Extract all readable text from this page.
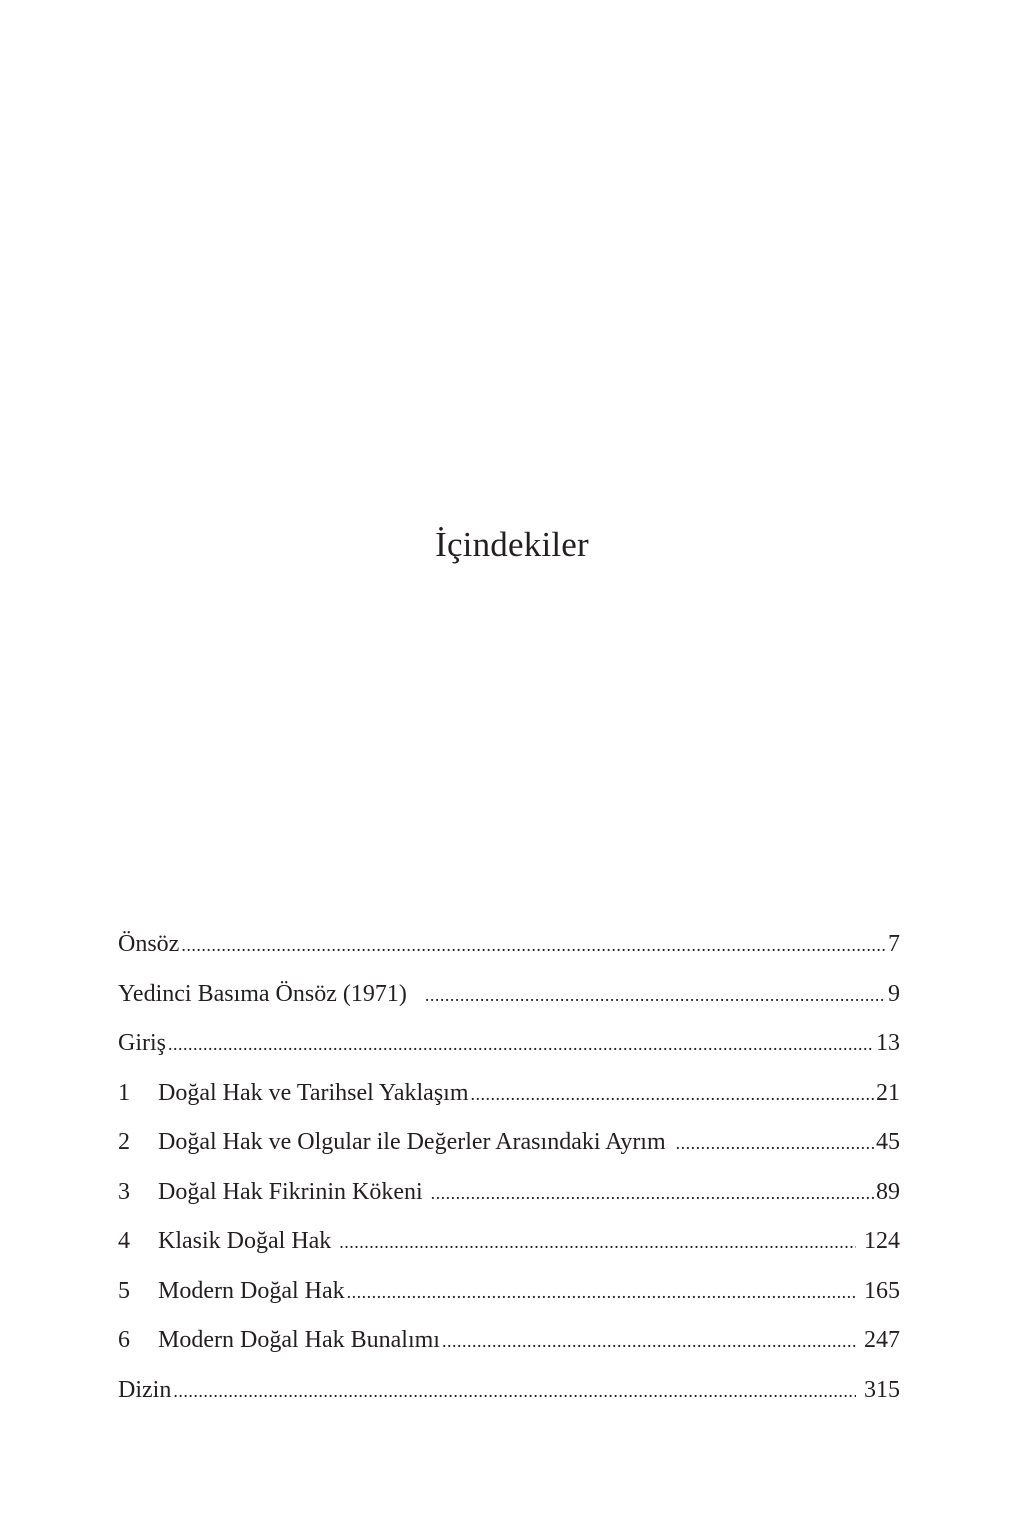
İçindekiler
Önsöz .....	7
Yedinci Basıma Önsöz (1971) .....	9
Giriş .....	13
1	Doğal Hak ve Tarihsel Yaklaşım .....	21
2	Doğal Hak ve Olgular ile Değerler Arasındaki Ayrım .....	45
3	Doğal Hak Fikrinin Kökeni .....	89
4	Klasik Doğal Hak .....	124
5	Modern Doğal Hak .....	165
6	Modern Doğal Hak Bunalımı .....	247
Dizin .....	315
